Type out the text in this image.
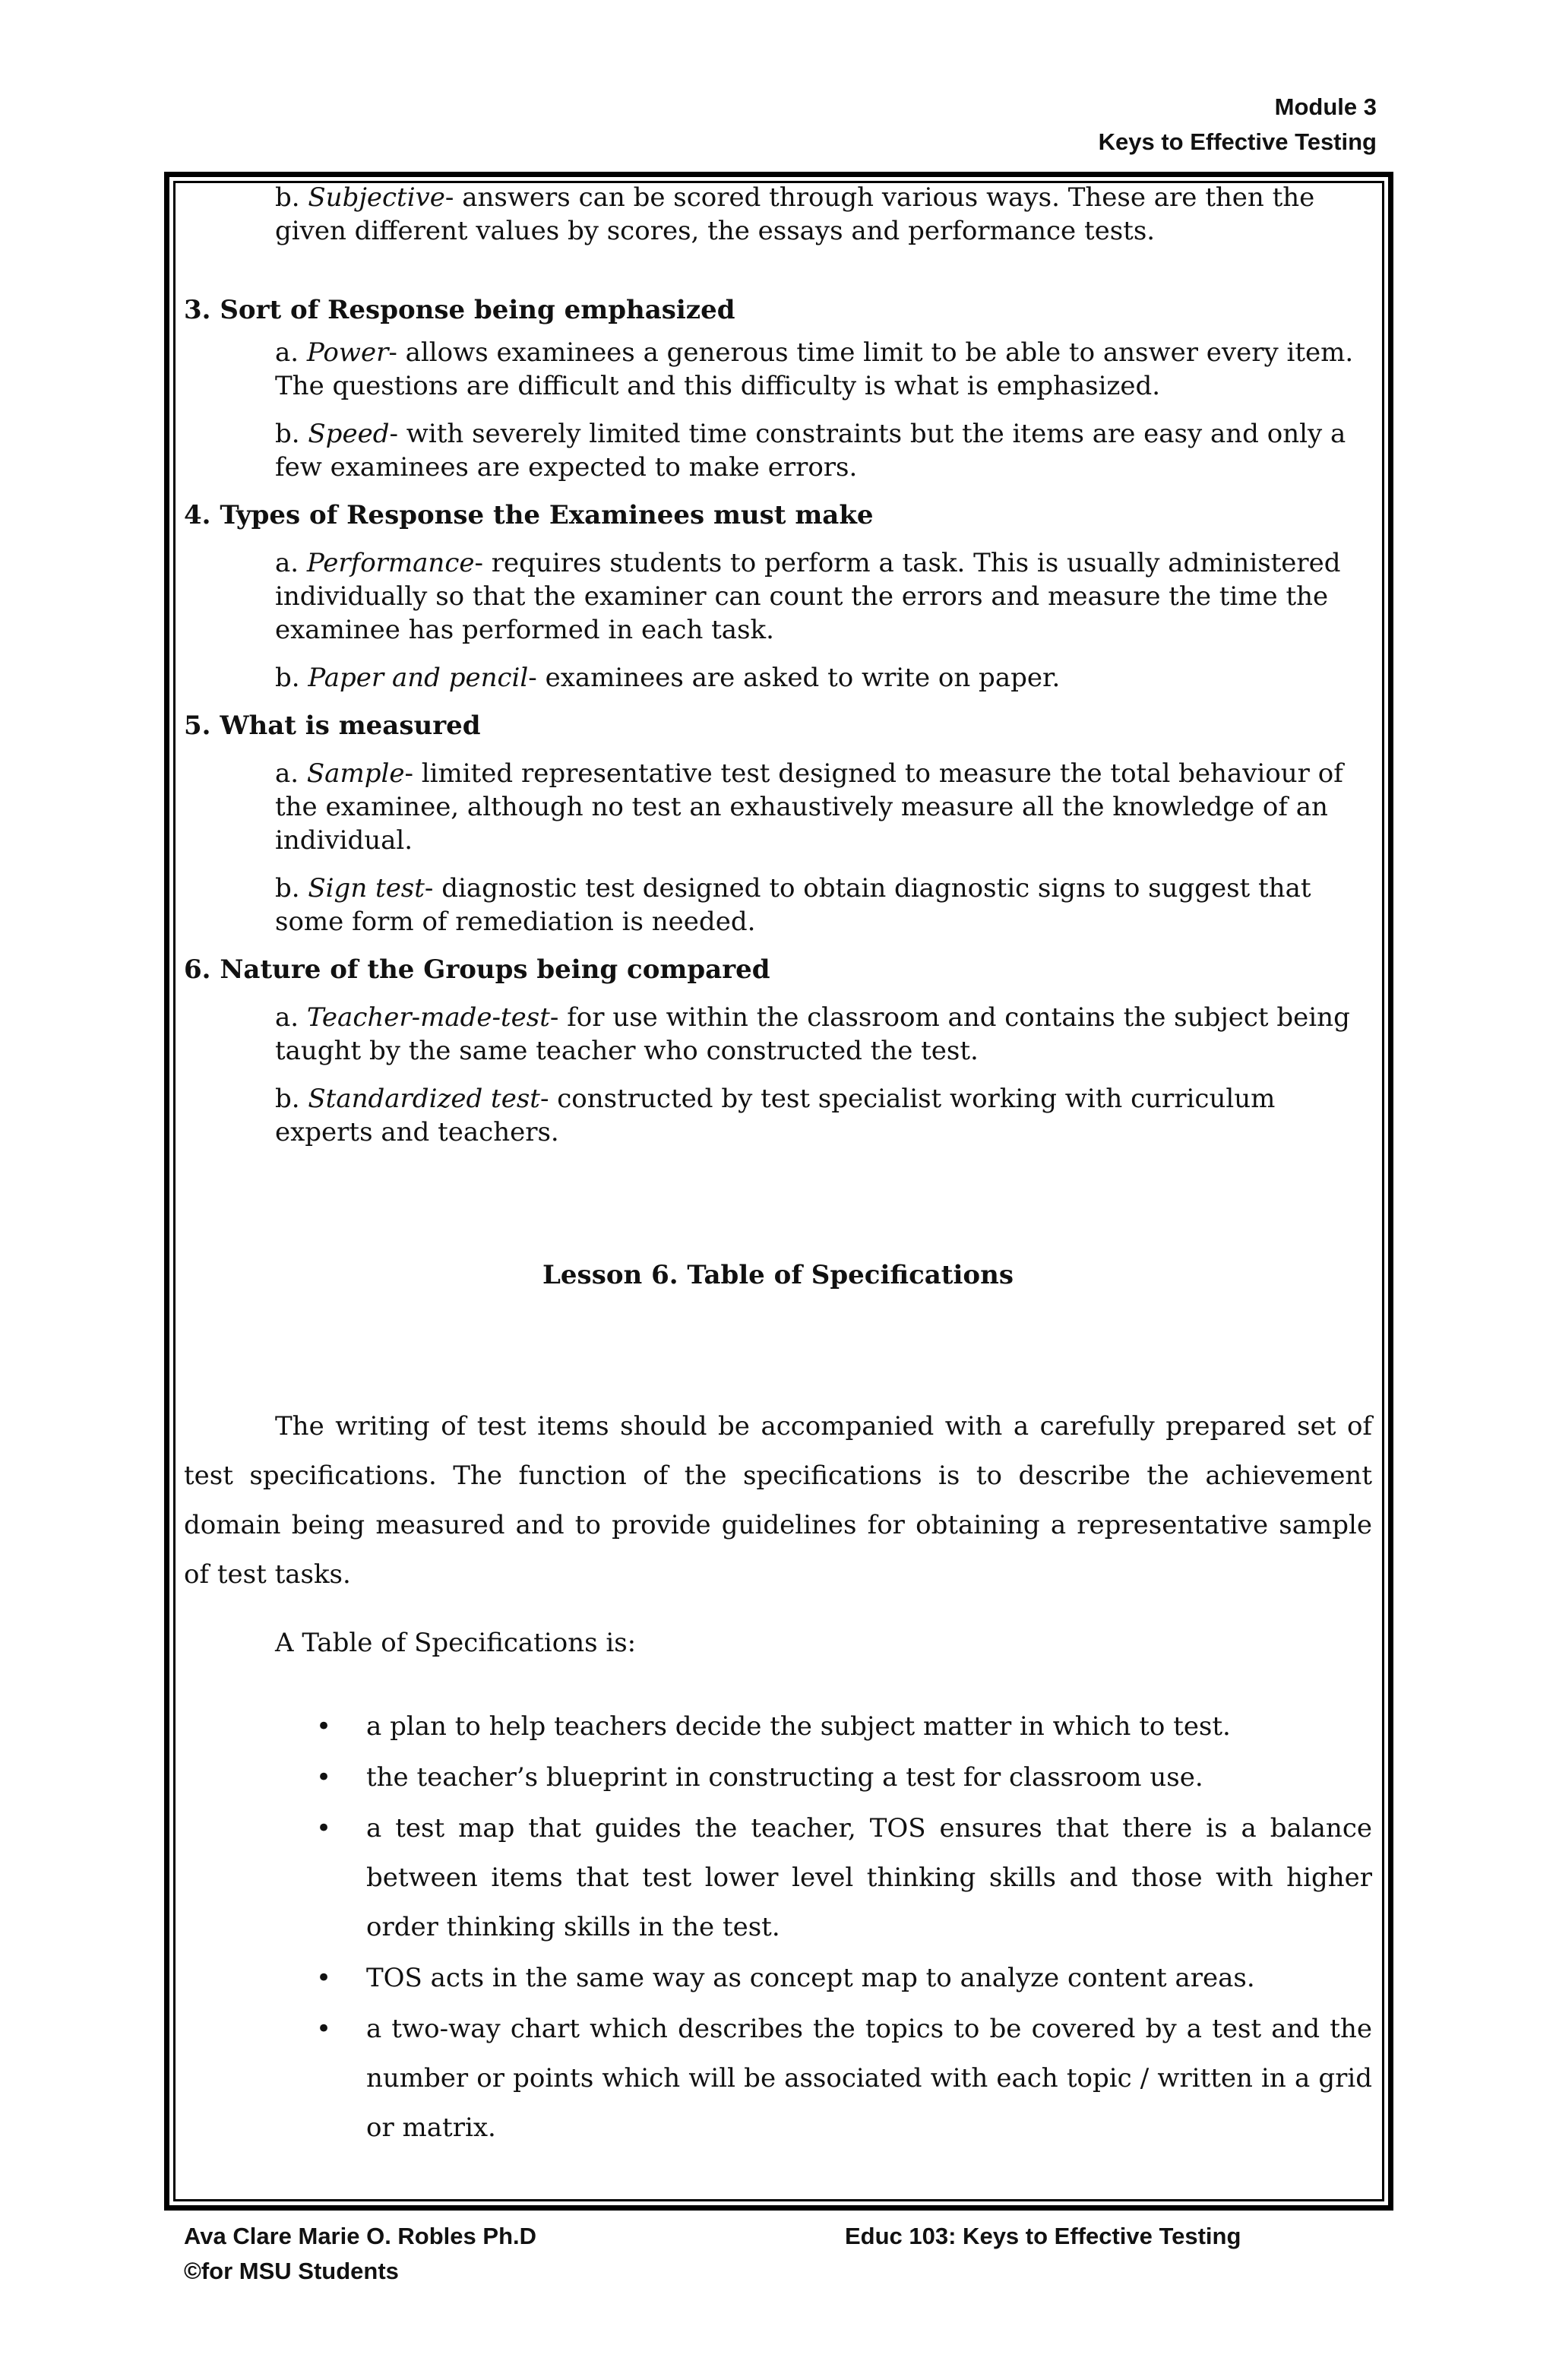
Module 3
Keys to Effective Testing
b. Subjective- answers can be scored through various ways. These are then the given different values by scores, the essays and performance tests.
3. Sort of Response being emphasized
a. Power- allows examinees a generous time limit to be able to answer every item. The questions are difficult and this difficulty is what is emphasized.
b. Speed- with severely limited time constraints but the items are easy and only a few examinees are expected to make errors.
4. Types of Response the Examinees must make
a. Performance- requires students to perform a task. This is usually administered individually so that the examiner can count the errors and measure the time the examinee has performed in each task.
b. Paper and pencil- examinees are asked to write on paper.
5. What is measured
a. Sample- limited representative test designed to measure the total behaviour of the examinee, although no test an exhaustively measure all the knowledge of an individual.
b. Sign test- diagnostic test designed to obtain diagnostic signs to suggest that some form of remediation is needed.
6. Nature of the Groups being compared
a. Teacher-made-test- for use within the classroom and contains the subject being taught by the same teacher who constructed the test.
b. Standardized test- constructed by test specialist working with curriculum experts and teachers.
Lesson 6. Table of Specifications
The writing of test items should be accompanied with a carefully prepared set of test specifications. The function of the specifications is to describe the achievement domain being measured and to provide guidelines for obtaining a representative sample of test tasks.
A Table of Specifications is:
• a plan to help teachers decide the subject matter in which to test.
• the teacher’s blueprint in constructing a test for classroom use.
• a test map that guides the teacher, TOS ensures that there is a balance between items that test lower level thinking skills and those with higher order thinking skills in the test.
• TOS acts in the same way as concept map to analyze content areas.
• a two-way chart which describes the topics to be covered by a test and the number or points which will be associated with each topic / written in a grid or matrix.
Ava Clare Marie O. Robles Ph.D
©for MSU Students
Educ 103: Keys to Effective Testing
